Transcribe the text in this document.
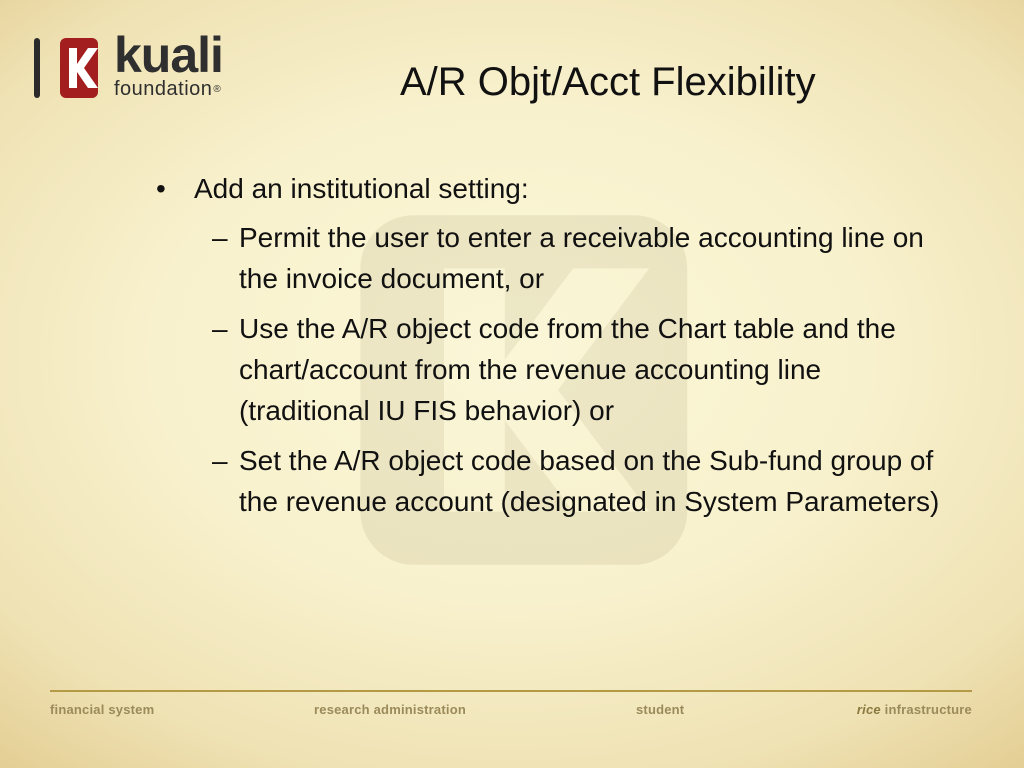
kuali
foundation®	A/R Objt/Acct Flexibility
• Add an institutional setting:
– Permit the user to enter a receivable accounting line on the invoice document, or
– Use the A/R object code from the Chart table and the chart/account from the revenue accounting line (traditional IU FIS behavior) or
– Set the A/R object code based on the Sub-fund group of the revenue account (designated in System Parameters)
financial system	research administration	student	rice infrastructure
